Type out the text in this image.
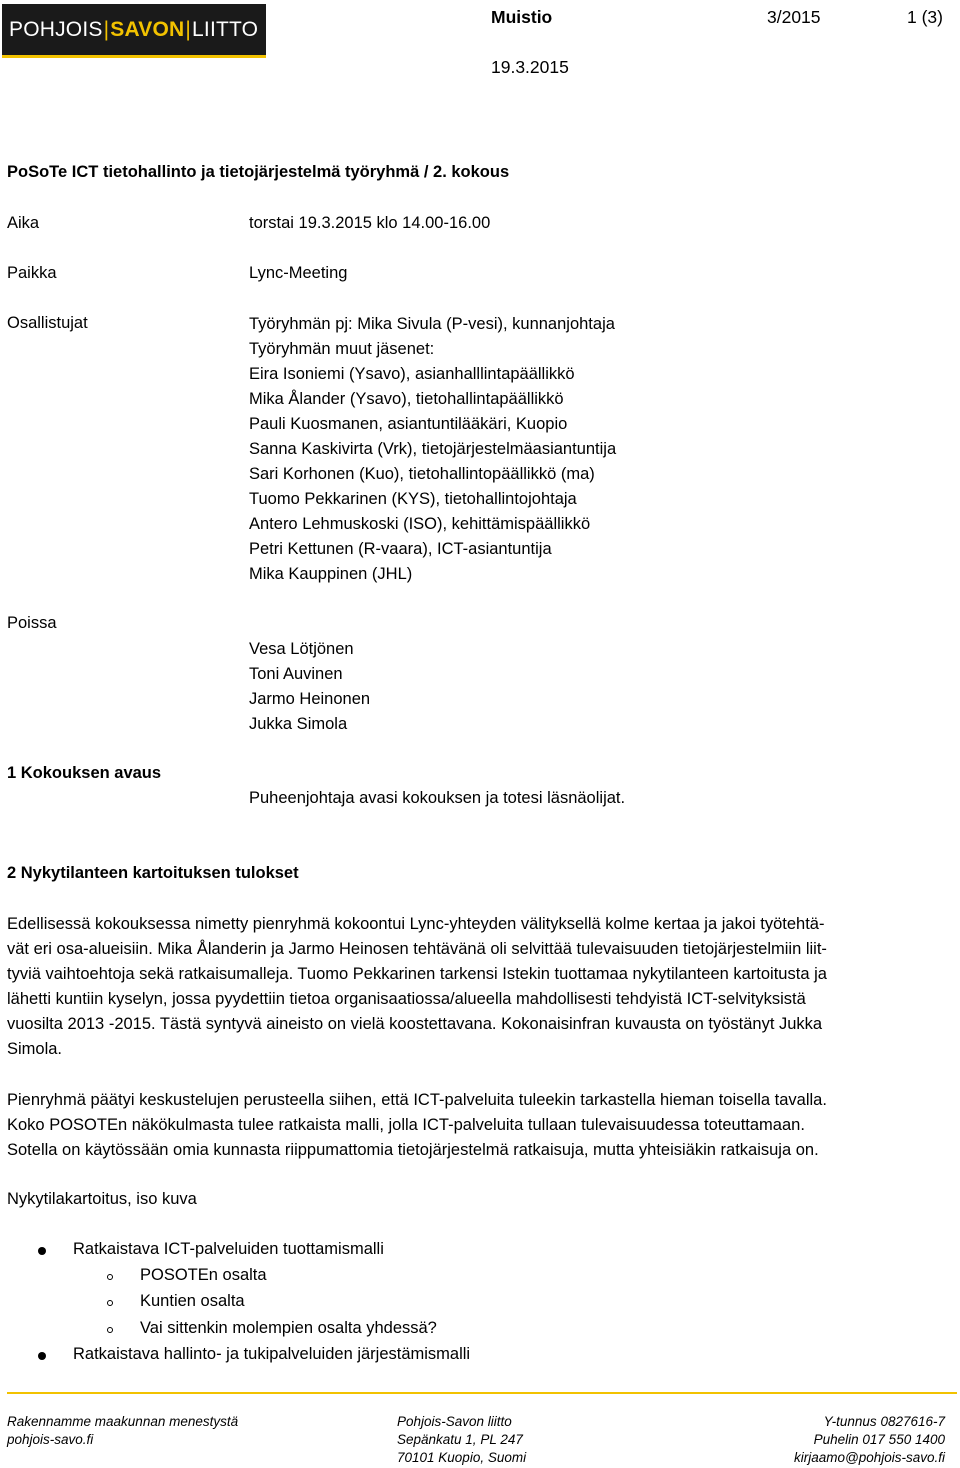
POHJOIS | SAVON | LIITTO
Muistio	3/2015	1 (3)
19.3.2015
PoSoTe ICT tietohallinto ja tietojärjestelmä työryhmä / 2. kokous
Aika	torstai 19.3.2015 klo 14.00-16.00
Paikka	Lync-Meeting
Osallistujat	Työryhmän pj: Mika Sivula (P-vesi), kunnanjohtaja
Työryhmän muut jäsenet:
Eira Isoniemi (Ysavo), asianhalllintapäällikkö
Mika Ålander (Ysavo), tietohallintapäällikkö
Pauli Kuosmanen, asiantuntilääkäri, Kuopio
Sanna Kaskivirta (Vrk), tietojärjestelmäasiantuntija
Sari Korhonen (Kuo), tietohallintopäällikkö (ma)
Tuomo Pekkarinen (KYS), tietohallintojohtaja
Antero Lehmuskoski (ISO), kehittämispäällikkö
Petri Kettunen (R-vaara), ICT-asiantuntija
Mika Kauppinen (JHL)
Poissa
Vesa Lötjönen
Toni Auvinen
Jarmo Heinonen
Jukka Simola
1 Kokouksen avaus
Puheenjohtaja avasi kokouksen ja totesi läsnäolijat.
2 Nykytilanteen kartoituksen tulokset
Edellisessä kokouksessa nimetty pienryhmä kokoontui Lync-yhteyden välityksellä kolme kertaa ja jakoi työtehtä-
vät eri osa-alueisiin. Mika Ålanderin ja Jarmo Heinosen tehtävänä oli selvittää tulevaisuuden tietojärjestelmiin liit-
tyviä vaihtoehtoja sekä ratkaisumalleja. Tuomo Pekkarinen tarkensi Istekin tuottamaa nykytilanteen kartoitusta ja
lähetti kuntiin kyselyn, jossa pyydettiin tietoa organisaatiossa/alueella mahdollisesti tehdyistä ICT-selvityksistä
vuosilta 2013 -2015. Tästä syntyvä aineisto on vielä koostettavana. Kokonaisinfran kuvausta on työstänyt Jukka
Simola.
Pienryhmä päätyi keskustelujen perusteella siihen, että ICT-palveluita tuleekin tarkastella hieman toisella tavalla.
Koko POSOTEn näkökulmasta tulee ratkaista malli, jolla ICT-palveluita tullaan tulevaisuudessa toteuttamaan.
Sotella on käytössään omia kunnasta riippumattomia tietojärjestelmä ratkaisuja, mutta yhteisiäkin ratkaisuja on.
Nykytilakartoitus, iso kuva
Ratkaistava ICT-palveluiden tuottamismalli
POSOTEn osalta
Kuntien osalta
Vai sittenkin molempien osalta yhdessä?
Ratkaistava hallinto- ja tukipalveluiden järjestämismalli
Rakennamme maakunnan menestystä
pohjois-savo.fi
Pohjois-Savon liitto
Sepänkatu 1, PL 247
70101 Kuopio, Suomi
Y-tunnus 0827616-7
Puhelin 017 550 1400
kirjaamo@pohjois-savo.fi
